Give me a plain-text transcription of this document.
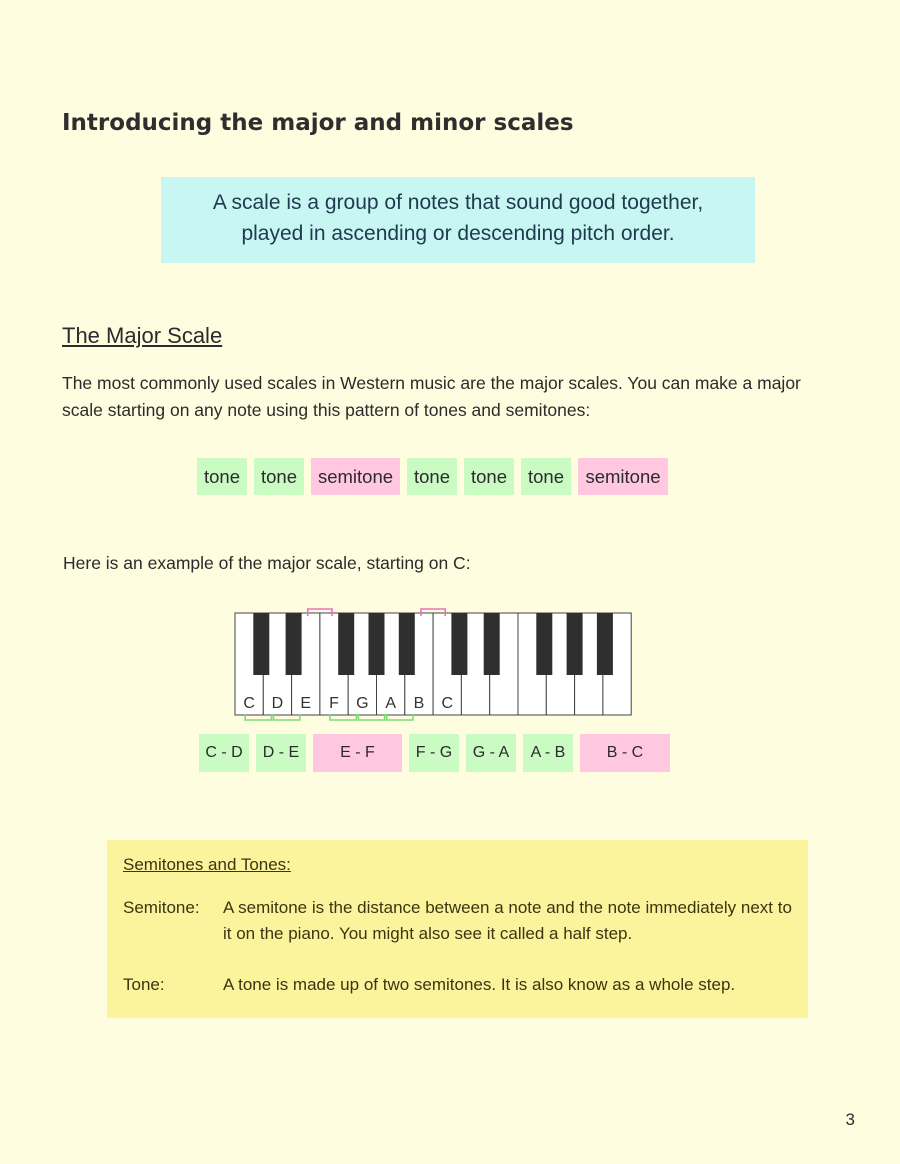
Introducing the major and minor scales
A scale is a group of notes that sound good together,
played in ascending or descending pitch order.
The Major Scale
The most commonly used scales in Western music are the major scales. You can make a major scale starting on any note using this pattern of tones and semitones:
tone	tone	semitone	tone	tone	tone	semitone
Here is an example of the major scale, starting on C:
C D E F G A B C
C - D	D - E	E - F	F - G	G - A	A - B	B - C
Semitones and Tones:
Semitone:	A semitone is the distance between a note and the note immediately next to it on the piano. You might also see it called a half step.
Tone:	A tone is made up of two semitones. It is also know as a whole step.
3
